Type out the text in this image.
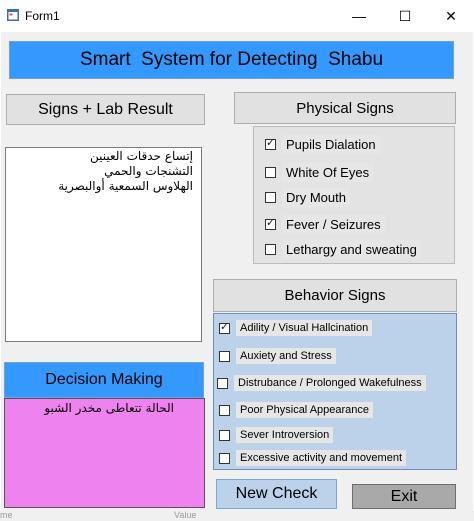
Form1	—	☐	✕
Smart  System for Detecting  Shabu
Signs + Lab Result
إتساع حدقات العينين
التشنجات والحمي
الهلاوس السمعية أوالبصرية
Physical Signs
✓
Pupils Dialation
White Of Eyes
Dry Mouth
✓
Fever / Seizures
Lethargy and sweating
Behavior Signs
✓
Adility / Visual Hallcination
Auxiety and Stress
Distrubance / Prolonged Wakefulness
Poor Physical Appearance
Sever Introversion
Excessive activity and movement
Decision Making
الحالة تتعاطى مخدر الشبو
New Check	Exit
me	Value
